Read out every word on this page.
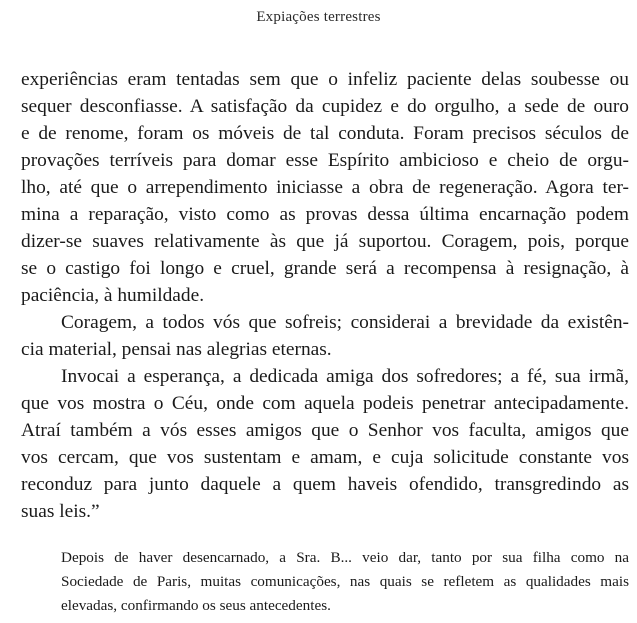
Expiações terrestres
experiências eram tentadas sem que o infeliz paciente delas soubesse ou
sequer desconfiasse. A satisfação da cupidez e do orgulho, a sede de ouro
e de renome, foram os móveis de tal conduta. Foram precisos séculos de
provações terríveis para domar esse Espírito ambicioso e cheio de orgu-
lho, até que o arrependimento iniciasse a obra de regeneração. Agora ter-
mina a reparação, visto como as provas dessa última encarnação podem
dizer-se suaves relativamente às que já suportou. Coragem, pois, porque
se o castigo foi longo e cruel, grande será a recompensa à resignação, à
paciência, à humildade.
Coragem, a todos vós que sofreis; considerai a brevidade da existên-
cia material, pensai nas alegrias eternas.
Invocai a esperança, a dedicada amiga dos sofredores; a fé, sua irmã,
que vos mostra o Céu, onde com aquela podeis penetrar antecipadamente.
Atraí também a vós esses amigos que o Senhor vos faculta, amigos que
vos cercam, que vos sustentam e amam, e cuja solicitude constante vos
reconduz para junto daquele a quem haveis ofendido, transgredindo as
suas leis.”
Depois de haver desencarnado, a Sra. B... veio dar, tanto por sua filha como na
Sociedade de Paris, muitas comunicações, nas quais se refletem as qualidades mais
elevadas, confirmando os seus antecedentes.
